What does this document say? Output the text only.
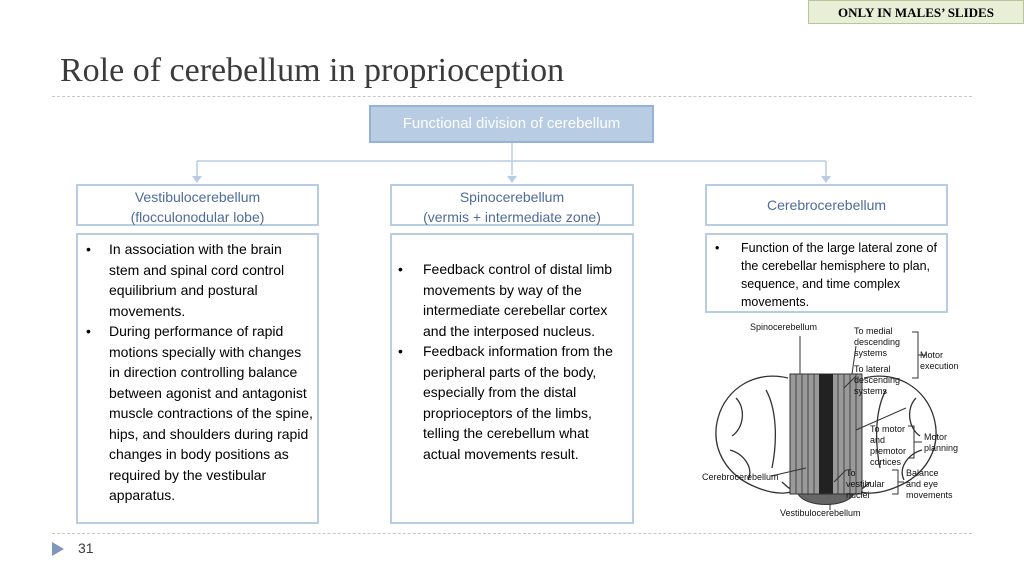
ONLY IN MALES’ SLIDES
Role of cerebellum in proprioception
Functional division of cerebellum
Vestibulocerebellum
(flocculonodular lobe)
Spinocerebellum
(vermis + intermediate zone)
Cerebrocerebellum
• In association with the brain stem and spinal cord control equilibrium and postural movements.
• During performance of rapid motions specially with changes in direction controlling balance between agonist and antagonist muscle contractions of the spine, hips, and shoulders during rapid changes in body positions as required by the vestibular apparatus.
• Feedback control of distal limb movements by way of the intermediate cerebellar cortex and the interposed nucleus.
• Feedback information from the peripheral parts of the body, especially from the distal proprioceptors of the limbs, telling the cerebellum what actual movements result.
• Function of the large lateral zone of the cerebellar hemisphere to plan, sequence, and time complex movements.
Spinocerebellum
Cerebrocerebellum
Vestibulocerebellum
To medial
descending
systems
To lateral
descending
systems
Motor
execution
To motor
and
premotor
cortices
Motor
planning
To
vestibular
nuclei
Balance
and eye
movements
31
